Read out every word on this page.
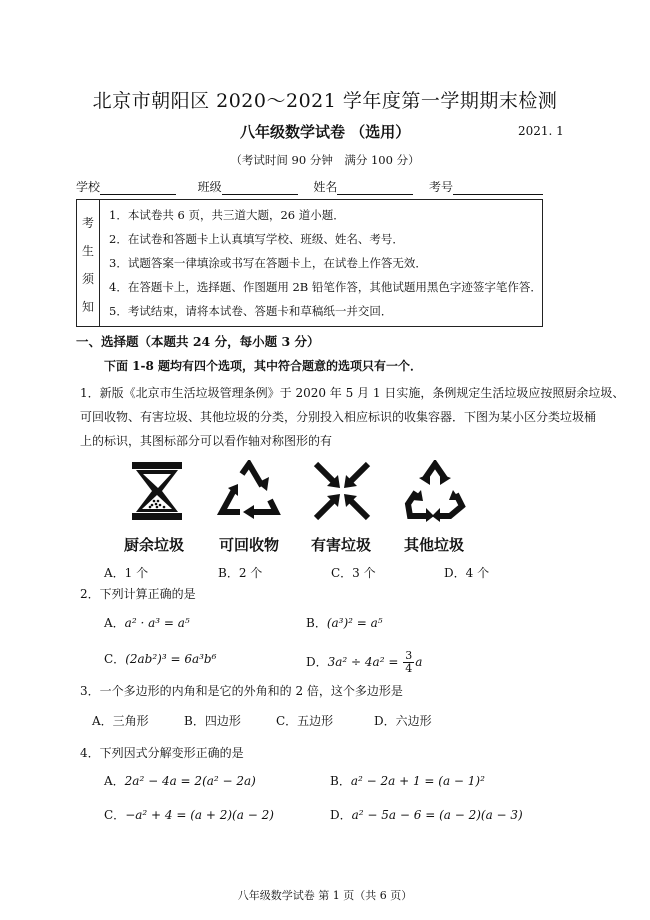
北京市朝阳区 2020～2021 学年度第一学期期末检测
八年级数学试卷 （选用）	2021. 1
（考试时间 90 分钟　满分 100 分）
学校	班级	姓名	考号
考
生
须
知
1．本试卷共 6 页，共三道大题，26 道小题．
2．在试卷和答题卡上认真填写学校、班级、姓名、考号．
3．试题答案一律填涂或书写在答题卡上，在试卷上作答无效．
4．在答题卡上，选择题、作图题用 2B 铅笔作答，其他试题用黑色字迹签字笔作答．
5．考试结束，请将本试卷、答题卡和草稿纸一并交回．
一、选择题（本题共 24 分，每小题 3 分）
下面 1-8 题均有四个选项，其中符合题意的选项只有一个．
1．新版《北京市生活垃圾管理条例》于 2020 年 5 月 1 日实施，条例规定生活垃圾应按照厨余垃圾、
可回收物、有害垃圾、其他垃圾的分类，分别投入相应标识的收集容器．下图为某小区分类垃圾桶
上的标识，其图标部分可以看作轴对称图形的有
厨余垃圾 可回收物 有害垃圾 其他垃圾
A．1 个	B．2 个	C．3 个	D．4 个
2．下列计算正确的是
A．a² · a³ = a⁵	B．(a³)² = a⁵
C．(2ab²)³ = 6a³b⁶	D．$3a^2 \div 4a^2 = \frac{3}{4}$ a
3．一个多边形的内角和是它的外角和的 2 倍，这个多边形是
A．三角形	B．四边形	C．五边形	D．六边形
4．下列因式分解变形正确的是
A．2a² − 4a = 2(a² − 2a)	B．a² − 2a + 1 = (a − 1)²
C．−a² + 4 = (a + 2)(a − 2)	D．a² − 5a − 6 = (a − 2)(a − 3)
八年级数学试卷 第 1 页（共 6 页）
